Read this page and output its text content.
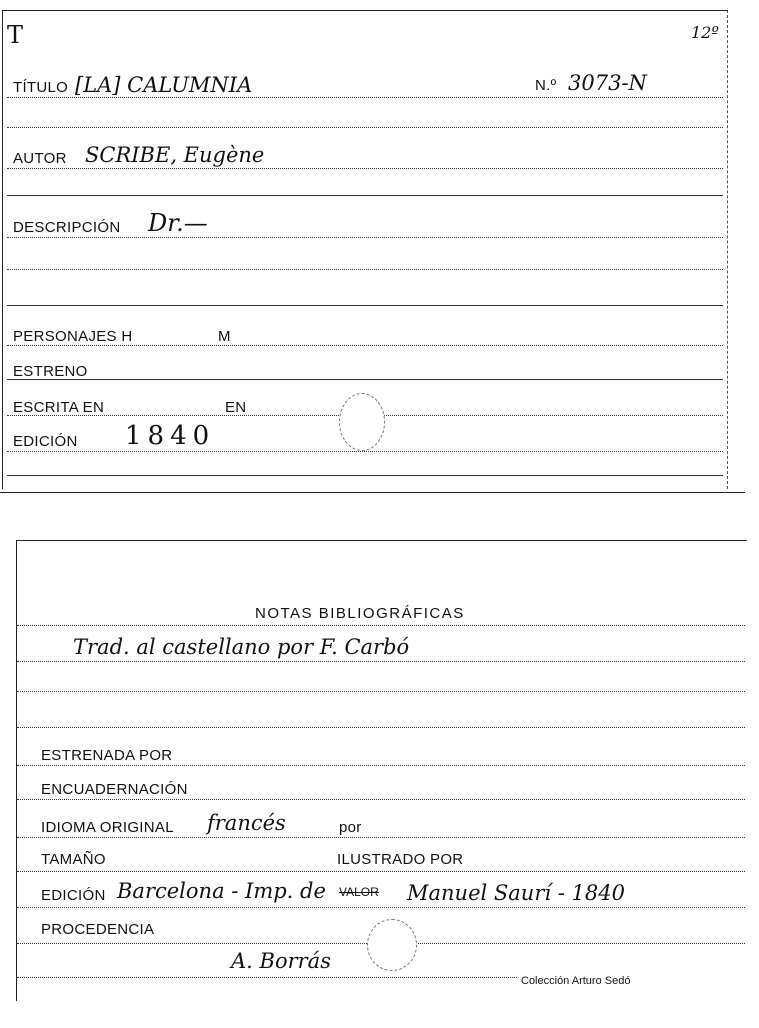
T	12º
TÍTULO [LA] CALUMNIA	N.º 3073-N
AUTOR SCRIBE, Eugène
DESCRIPCIÓN Dr.—
PERSONAJES H	M
ESTRENO
ESCRITA EN	EN
EDICIÓN 1840
NOTAS BIBLIOGRÁFICAS
Trad. al castellano por F. Carbó
ESTRENADA POR
ENCUADERNACIÓN
IDIOMA ORIGINAL francés	por
TAMAÑO	ILUSTRADO POR
EDICIÓN Barcelona - Imp. de VALOR Manuel Saurí - 1840
PROCEDENCIA
A. Borrás
Colección Arturo Sedó
